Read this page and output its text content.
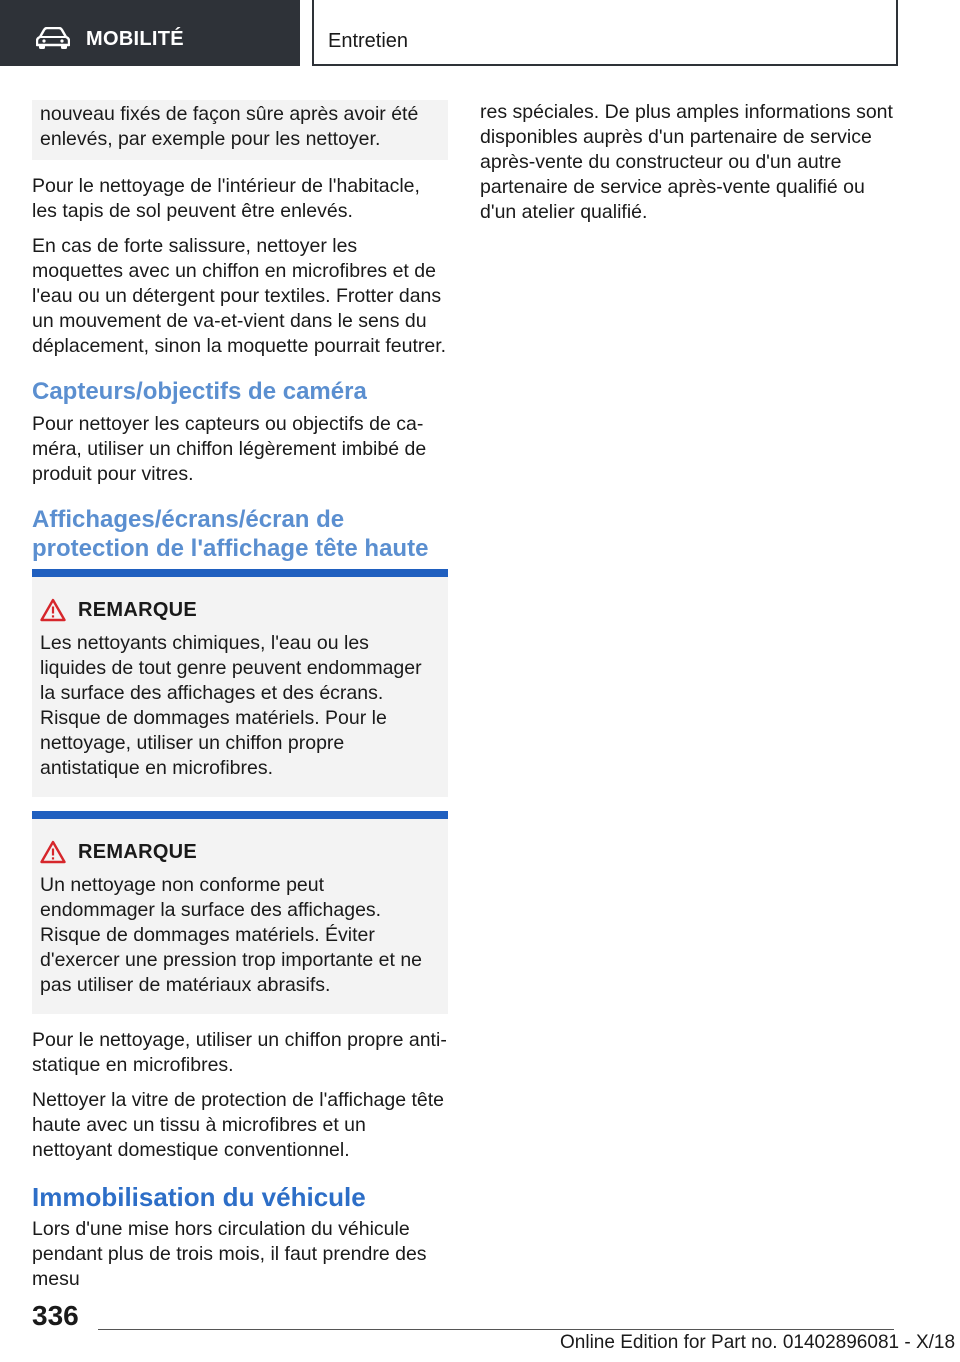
MOBILITÉ	Entretien

nouveau fixés de façon sûre après avoir été enlevés, par exemple pour les nettoyer.

Pour le nettoyage de l'intérieur de l'habitacle, les tapis de sol peuvent être enlevés.

En cas de forte salissure, nettoyer les moquettes avec un chiffon en microfibres et de l'eau ou un détergent pour textiles. Frotter dans un mouvement de va-et-vient dans le sens du déplacement, sinon la moquette pourrait feutrer.

Capteurs/objectifs de caméra

Pour nettoyer les capteurs ou objectifs de caméra, utiliser un chiffon légèrement imbibé de produit pour vitres.

Affichages/écrans/écran de protection de l'affichage tête haute
REMARQUE

Les nettoyants chimiques, l'eau ou les liquides de tout genre peuvent endommager la surface des affichages et des écrans. Risque de dommages matériels. Pour le nettoyage, utiliser un chiffon propre antistatique en microfibres.

REMARQUE

Un nettoyage non conforme peut endommager la surface des affichages. Risque de dommages matériels. Éviter d'exercer une pression trop importante et ne pas utiliser de matériaux abrasifs.

Pour le nettoyage, utiliser un chiffon propre antistatique en microfibres.

Nettoyer la vitre de protection de l'affichage tête haute avec un tissu à microfibres et un nettoyant domestique conventionnel.

Immobilisation du véhicule

Lors d'une mise hors circulation du véhicule pendant plus de trois mois, il faut prendre des mesu

res spéciales. De plus amples informations sont disponibles auprès d'un partenaire de service après-vente du constructeur ou d'un autre partenaire de service après-vente qualifié ou d'un atelier qualifié.

336
Online Edition for Part no. 01402896081 - X/18
